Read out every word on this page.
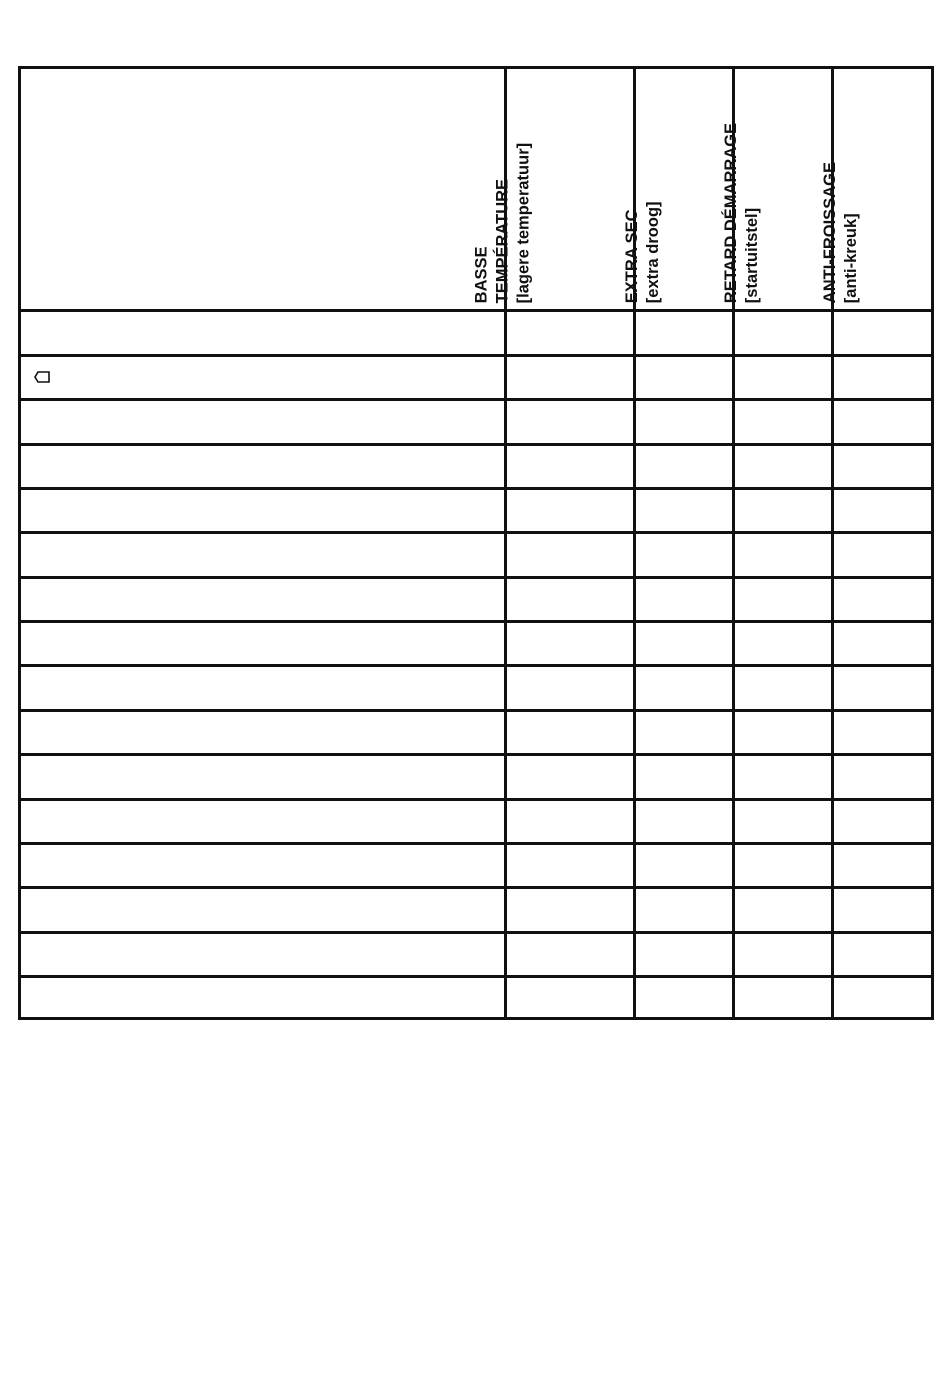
BASSE TEMPÉRATURE [lagere temperatuur]	EXTRA SEC [extra droog]	RETARD DÉMARRAGE [startuitstel]	ANTI-FROISSAGE [anti-kreuk]
